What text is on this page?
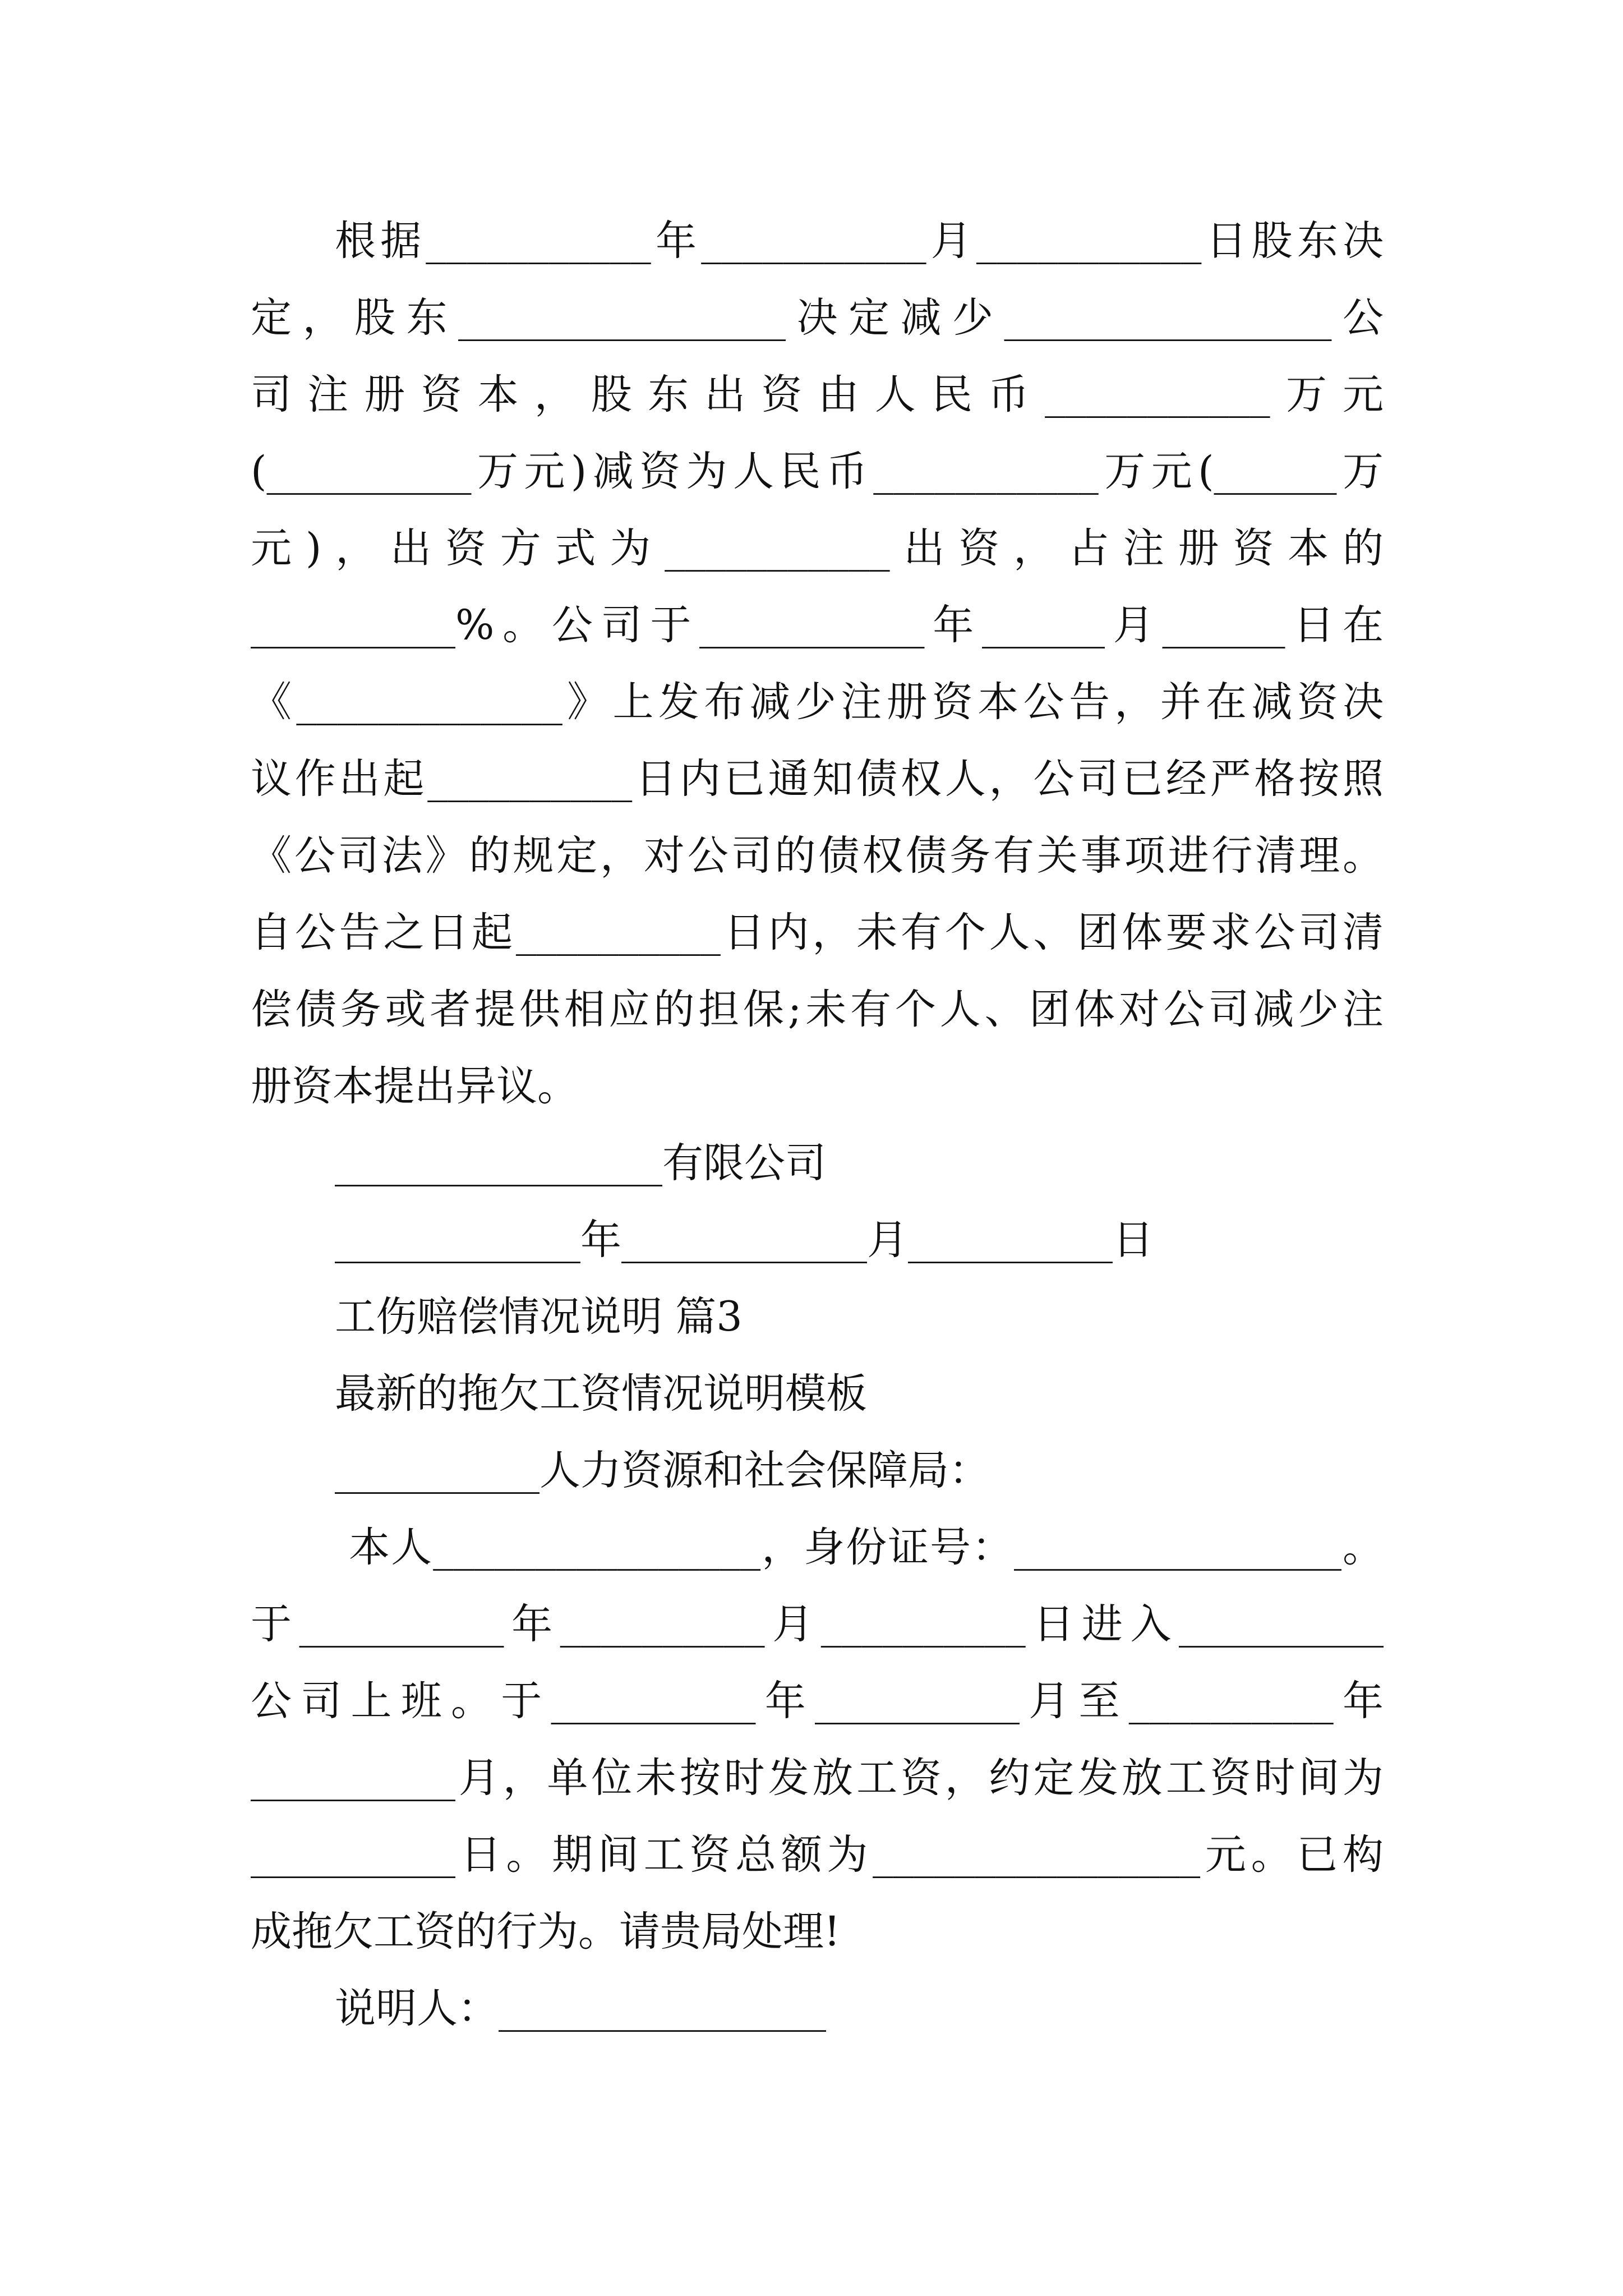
根据___________年___________月___________日股东决
定，股东________________决定减少________________公
司注册资本，股东出资由人民币___________万元
(__________万元)减资为人民币___________万元(______万
元)，出资方式为___________出资，占注册资本的
__________%。公司于___________年______月______日在
《_____________》上发布减少注册资本公告，并在减资决
议作出起__________日内已通知债权人，公司已经严格按照
《公司法》的规定，对公司的债权债务有关事项进行清理。
自公告之日起__________日内，未有个人、团体要求公司清
偿债务或者提供相应的担保;未有个人、团体对公司减少注
册资本提出异议。
________________有限公司
____________年____________月__________日
工伤赔偿情况说明 篇3
最新的拖欠工资情况说明模板
__________人力资源和社会保障局：
本人________________，身份证号：________________。
于__________年__________月__________日进入__________
公司上班。于__________年__________月至__________年
__________月，单位未按时发放工资，约定发放工资时间为
__________日。期间工资总额为________________元。已构
成拖欠工资的行为。请贵局处理!
说明人：________________
